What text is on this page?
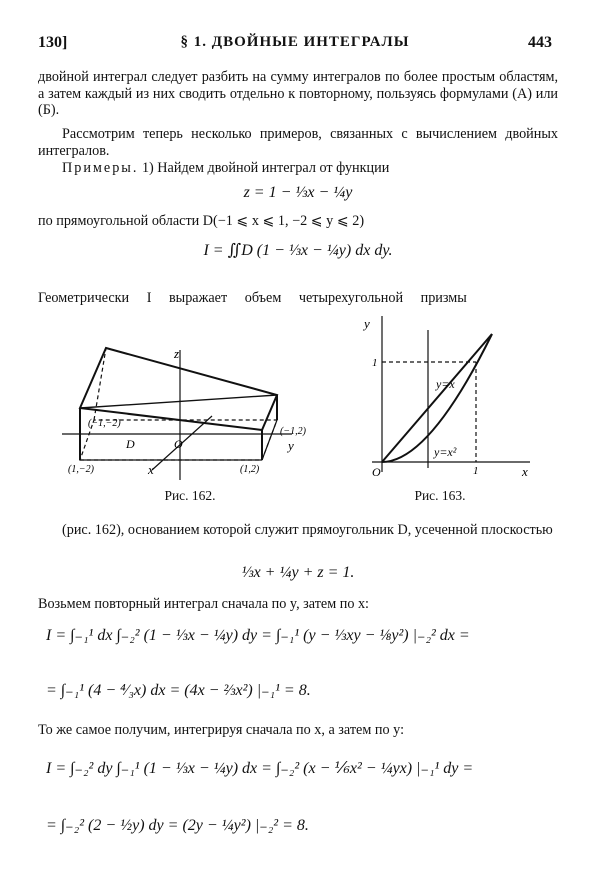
130]	§ 1. ДВОЙНЫЕ ИНТЕГРАЛЫ	443
двойной интеграл следует разбить на сумму интегралов по более простым областям, а затем каждый из них сводить отдельно к повторному, пользуясь формулами (А) или (Б).
Рассмотрим теперь несколько примеров, связанных с вычислением двойных интегралов.
Примеры. 1) Найдем двойной интеграл от функции
z = 1 − ⅓x − ¼y
по прямоугольной области D(−1 ⩽ x ⩽ 1, −2 ⩽ y ⩽ 2)
I = ∬D (1 − ⅓x − ¼y) dx dy.
Геометрически I выражает объем четырехугольной призмы
z
x
y
O
D
(−1,−2)
(−1,2)
(1,−2)	(1,2)
Рис. 162.
y
x
O
1
1
y=x
y=x²
Рис. 163.
(рис. 162), основанием которой служит прямоугольник D, усеченной плоскостью
⅓x + ¼y + z = 1.
Возьмем повторный интеграл сначала по y, затем по x:
I = ∫₋₁¹ dx ∫₋₂² (1 − ⅓x − ¼y) dy = ∫₋₁¹ (y − ⅓xy − ⅛y²) |₋₂² dx =
= ∫₋₁¹ (4 − ⁴⁄₃x) dx = (4x − ⅔x²) |₋₁¹ = 8.
То же самое получим, интегрируя сначала по x, а затем по y:
I = ∫₋₂² dy ∫₋₁¹ (1 − ⅓x − ¼y) dx = ∫₋₂² (x − ⅙x² − ¼yx) |₋₁¹ dy =
= ∫₋₂² (2 − ½y) dy = (2y − ¼y²) |₋₂² = 8.
